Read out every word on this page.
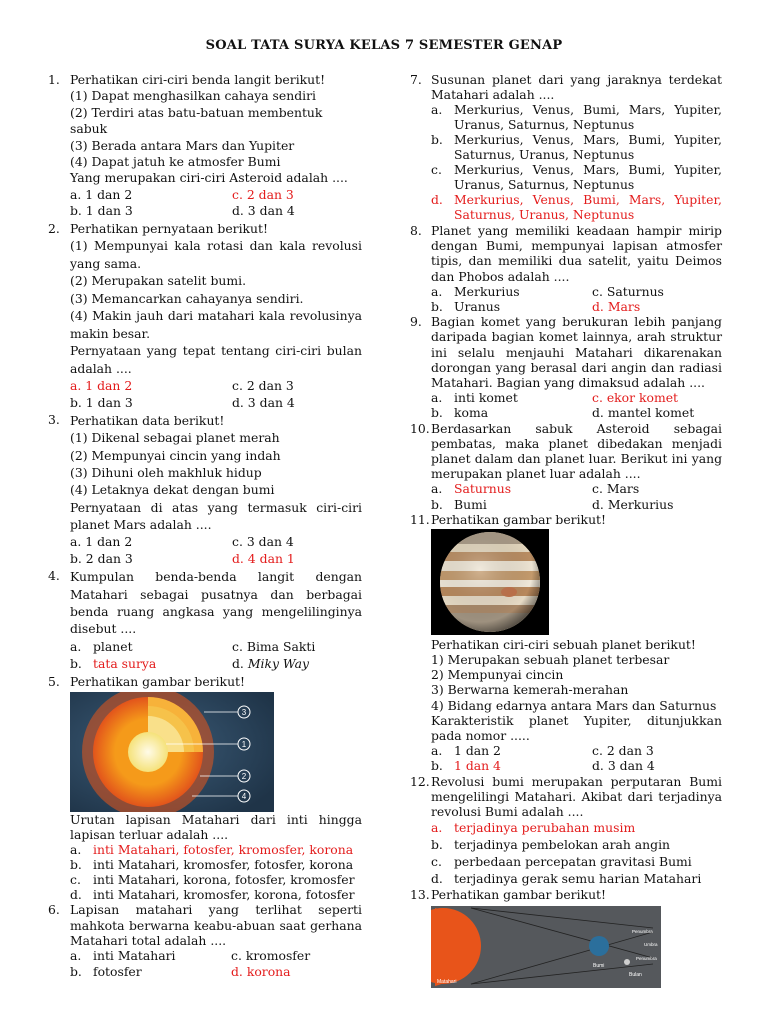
SOAL TATA SURYA KELAS 7 SEMESTER GENAP
1. Perhatikan ciri-ciri benda langit berikut!
(1) Dapat menghasilkan cahaya sendiri
(2) Terdiri atas batu-batuan membentuk sabuk
(3) Berada antara Mars dan Yupiter
(4) Dapat jatuh ke atmosfer Bumi
Yang merupakan ciri-ciri Asteroid adalah ....
a. 1 dan 2	c. 2 dan 3
b. 1 dan 3	d. 3 dan 4
2. Perhatikan pernyataan berikut!
(1) Mempunyai kala rotasi dan kala revolusi yang sama.
(2) Merupakan satelit bumi.
(3) Memancarkan cahayanya sendiri.
(4) Makin jauh dari matahari kala revolusinya makin besar.
Pernyataan yang tepat tentang ciri-ciri bulan adalah ....
a. 1 dan 2	c. 2 dan 3
b. 1 dan 3	d. 3 dan 4
3. Perhatikan data berikut!
(1) Dikenal sebagai planet merah
(2) Mempunyai cincin yang indah
(3) Dihuni oleh makhluk hidup
(4) Letaknya dekat dengan bumi
Pernyataan di atas yang termasuk ciri-ciri planet Mars adalah ....
a. 1 dan 2	c. 3 dan 4
b. 2 dan 3	d. 4 dan 1
4. Kumpulan benda-benda langit dengan Matahari sebagai pusatnya dan berbagai benda ruang angkasa yang mengelilinginya disebut ....
a. planet	c. Bima Sakti
b. tata surya	d. Miky Way
5. Perhatikan gambar berikut!
3
1
2
4
Urutan lapisan Matahari dari inti hingga lapisan terluar adalah ....
a. inti Matahari, fotosfer, kromosfer, korona
b. inti Matahari, kromosfer, fotosfer, korona
c. inti Matahari, korona, fotosfer, kromosfer
d. inti Matahari, kromosfer, korona, fotosfer
6. Lapisan matahari yang terlihat seperti mahkota berwarna keabu-abuan saat gerhana Matahari total adalah ....
a. inti Matahari	c. kromosfer
b. fotosfer	d. korona
7. Susunan planet dari yang jaraknya terdekat Matahari adalah ....
a. Merkurius, Venus, Bumi, Mars, Yupiter, Uranus, Saturnus, Neptunus
b. Merkurius, Venus, Mars, Bumi, Yupiter, Saturnus, Uranus, Neptunus
c. Merkurius, Venus, Mars, Bumi, Yupiter, Uranus, Saturnus, Neptunus
d. Merkurius, Venus, Bumi, Mars, Yupiter, Saturnus, Uranus, Neptunus
8. Planet yang memiliki keadaan hampir mirip dengan Bumi, mempunyai lapisan atmosfer tipis, dan memiliki dua satelit, yaitu Deimos dan Phobos adalah ....
a. Merkurius	c. Saturnus
b. Uranus	d. Mars
9. Bagian komet yang berukuran lebih panjang daripada bagian komet lainnya, arah struktur ini selalu menjauhi Matahari dikarenakan dorongan yang berasal dari angin dan radiasi Matahari. Bagian yang dimaksud adalah ....
a. inti komet	c. ekor komet
b. koma	d. mantel komet
10. Berdasarkan sabuk Asteroid sebagai pembatas, maka planet dibedakan menjadi planet dalam dan planet luar. Berikut ini yang merupakan planet luar adalah ....
a. Saturnus	c. Mars
b. Bumi	d. Merkurius
11. Perhatikan gambar berikut!
Perhatikan ciri-ciri sebuah planet berikut!
1) Merupakan sebuah planet terbesar
2) Mempunyai cincin
3) Berwarna kemerah-merahan
4) Bidang edarnya antara Mars dan Saturnus
Karakteristik planet Yupiter, ditunjukkan pada nomor .....
a. 1 dan 2	c. 2 dan 3
b. 1 dan 4	d. 3 dan 4
12. Revolusi bumi merupakan perputaran Bumi mengelilingi Matahari. Akibat dari terjadinya revolusi Bumi adalah ....
a. terjadinya perubahan musim
b. terjadinya pembelokan arah angin
c. perbedaan percepatan gravitasi Bumi
d. terjadinya gerak semu harian Matahari
13. Perhatikan gambar berikut!
Matahari
Bumi
Bulan
Penumbra
Umbra
Penumbra
